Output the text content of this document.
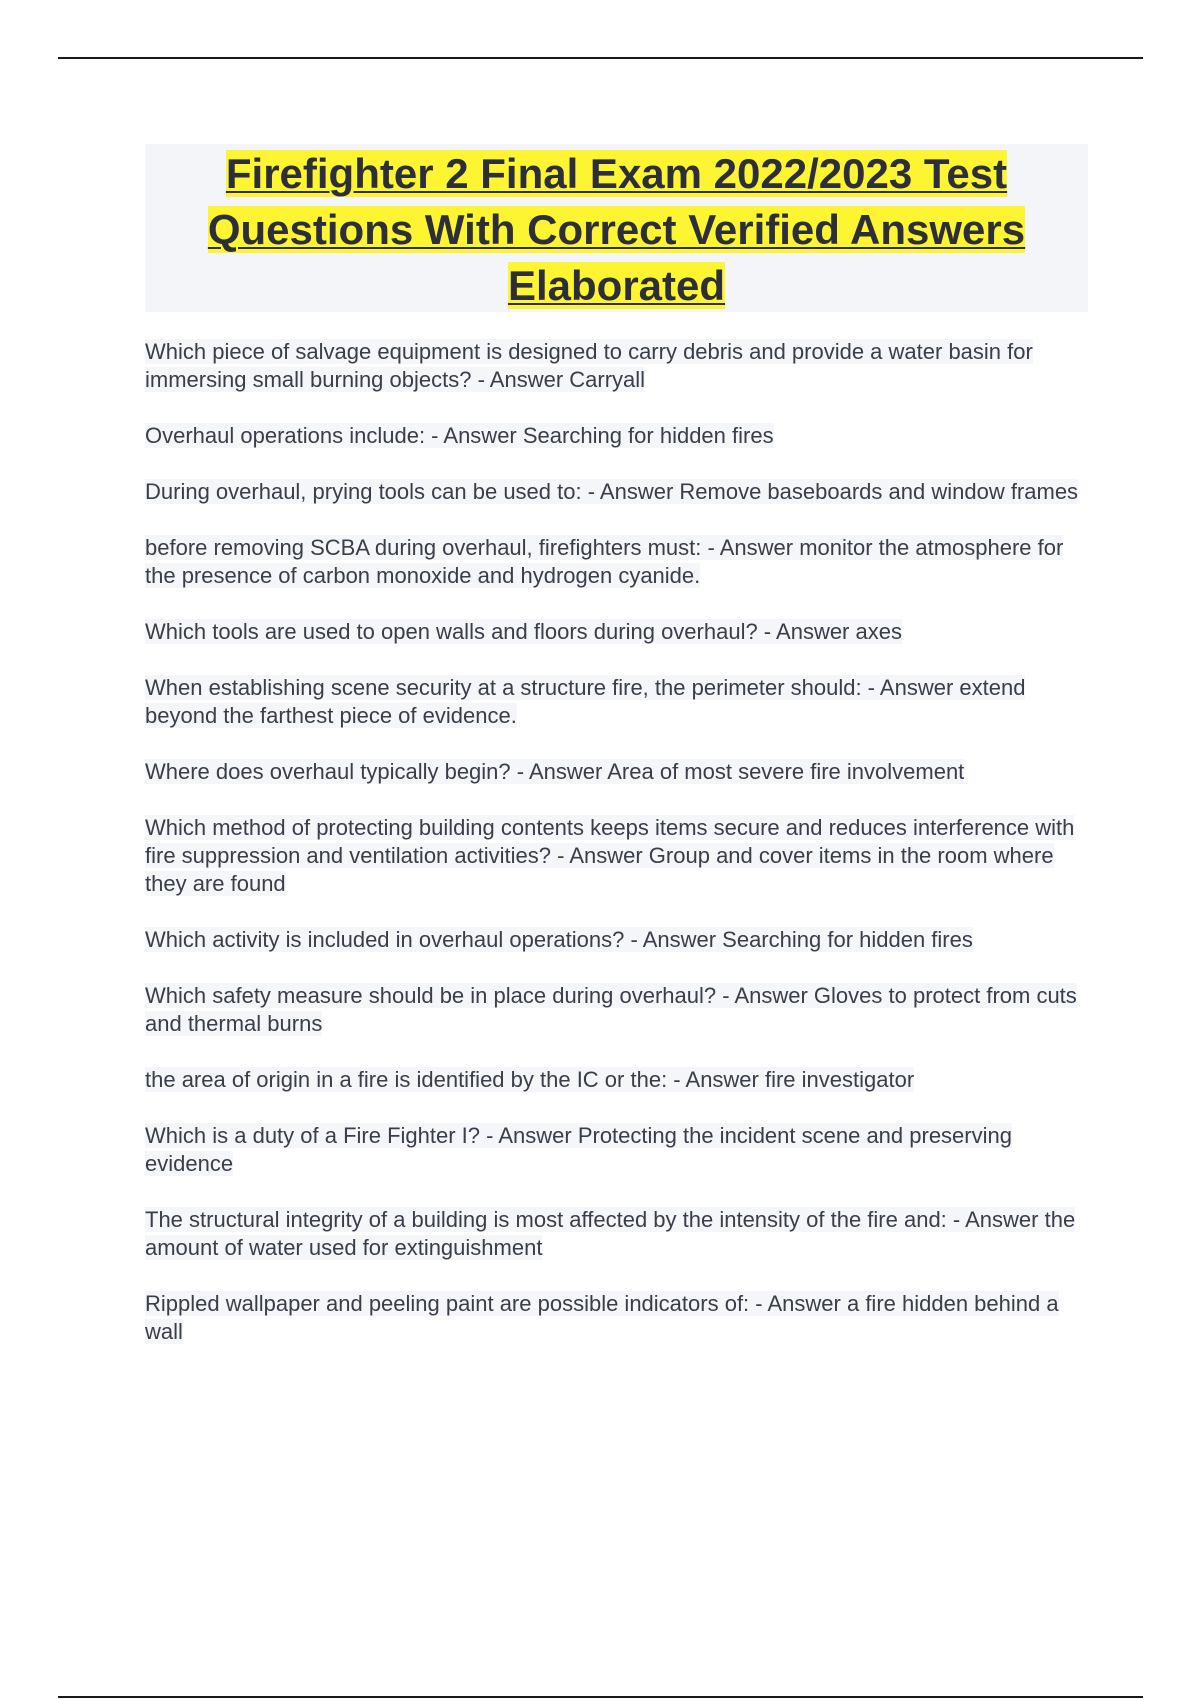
Firefighter 2 Final Exam 2022/2023 Test
Questions With Correct Verified Answers
Elaborated
Which piece of salvage equipment is designed to carry debris and provide a water basin for immersing small burning objects? - Answer Carryall
Overhaul operations include: - Answer Searching for hidden fires
During overhaul, prying tools can be used to: - Answer Remove baseboards and window frames
before removing SCBA during overhaul, firefighters must: - Answer monitor the atmosphere for the presence of carbon monoxide and hydrogen cyanide.
Which tools are used to open walls and floors during overhaul? - Answer axes
When establishing scene security at a structure fire, the perimeter should: - Answer extend beyond the farthest piece of evidence.
Where does overhaul typically begin? - Answer Area of most severe fire involvement
Which method of protecting building contents keeps items secure and reduces interference with fire suppression and ventilation activities? - Answer Group and cover items in the room where they are found
Which activity is included in overhaul operations? - Answer Searching for hidden fires
Which safety measure should be in place during overhaul? - Answer Gloves to protect from cuts and thermal burns
the area of origin in a fire is identified by the IC or the: - Answer fire investigator
Which is a duty of a Fire Fighter I? - Answer Protecting the incident scene and preserving evidence
The structural integrity of a building is most affected by the intensity of the fire and: - Answer the amount of water used for extinguishment
Rippled wallpaper and peeling paint are possible indicators of: - Answer a fire hidden behind a wall
